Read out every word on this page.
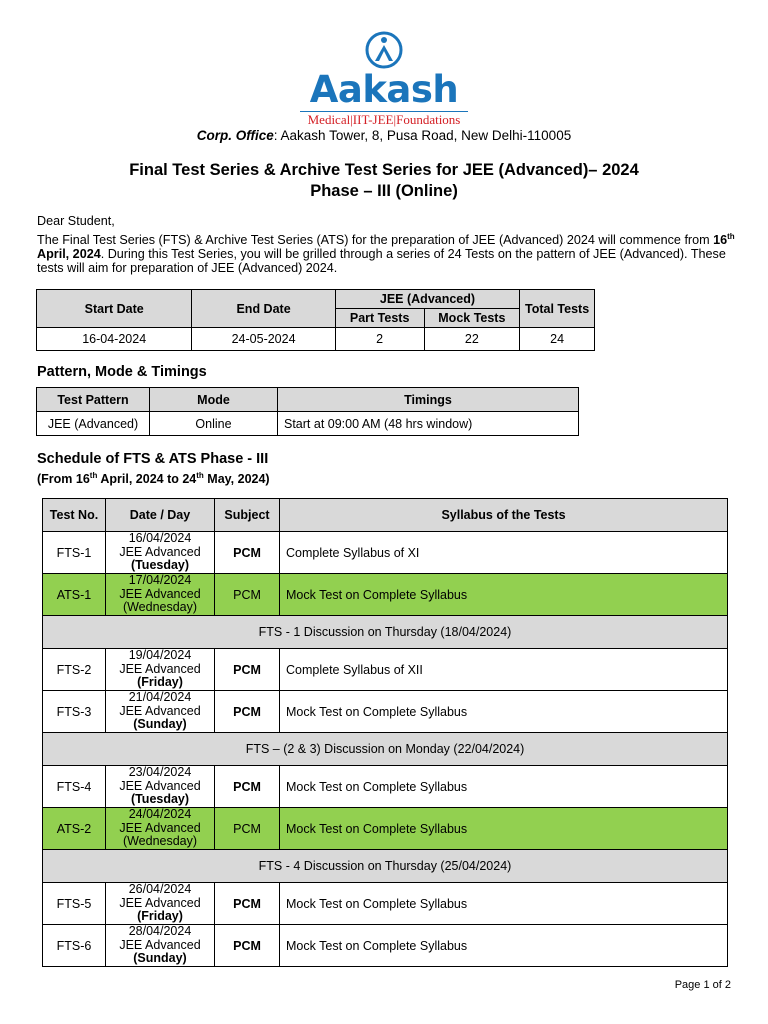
Aakash
Medical|IIT-JEE|Foundations
Corp. Office: Aakash Tower, 8, Pusa Road, New Delhi-110005
Final Test Series & Archive Test Series for JEE (Advanced)– 2024
Phase – III (Online)
Dear Student,
The Final Test Series (FTS) & Archive Test Series (ATS) for the preparation of JEE (Advanced) 2024 will commence from 16th April, 2024. During this Test Series, you will be grilled through a series of 24 Tests on the pattern of JEE (Advanced). These tests will aim for preparation of JEE (Advanced) 2024.
Start Date	End Date	JEE (Advanced)		Total Tests
		Part Tests	Mock Tests	
16-04-2024	24-05-2024	2	22	24
Pattern, Mode & Timings
Test Pattern	Mode	Timings
JEE (Advanced)	Online	Start at 09:00 AM (48 hrs window)
Schedule of FTS & ATS Phase - III
(From 16th April, 2024 to 24th May, 2024)
Test No.	Date / Day	Subject	Syllabus of the Tests
FTS-1	16/04/2024
JEE Advanced
(Tuesday)	PCM	Complete Syllabus of XI
ATS-1	17/04/2024
JEE Advanced
(Wednesday)	PCM	Mock Test on Complete Syllabus
FTS - 1 Discussion on Thursday (18/04/2024)			
FTS-2	19/04/2024
JEE Advanced
(Friday)	PCM	Complete Syllabus of XII
FTS-3	21/04/2024
JEE Advanced
(Sunday)	PCM	Mock Test on Complete Syllabus
FTS – (2 & 3) Discussion on Monday (22/04/2024)			
FTS-4	23/04/2024
JEE Advanced
(Tuesday)	PCM	Mock Test on Complete Syllabus
ATS-2	24/04/2024
JEE Advanced
(Wednesday)	PCM	Mock Test on Complete Syllabus
FTS - 4 Discussion on Thursday (25/04/2024)			
FTS-5	26/04/2024
JEE Advanced
(Friday)	PCM	Mock Test on Complete Syllabus
FTS-6	28/04/2024
JEE Advanced
(Sunday)	PCM	Mock Test on Complete Syllabus
Page 1 of 2
